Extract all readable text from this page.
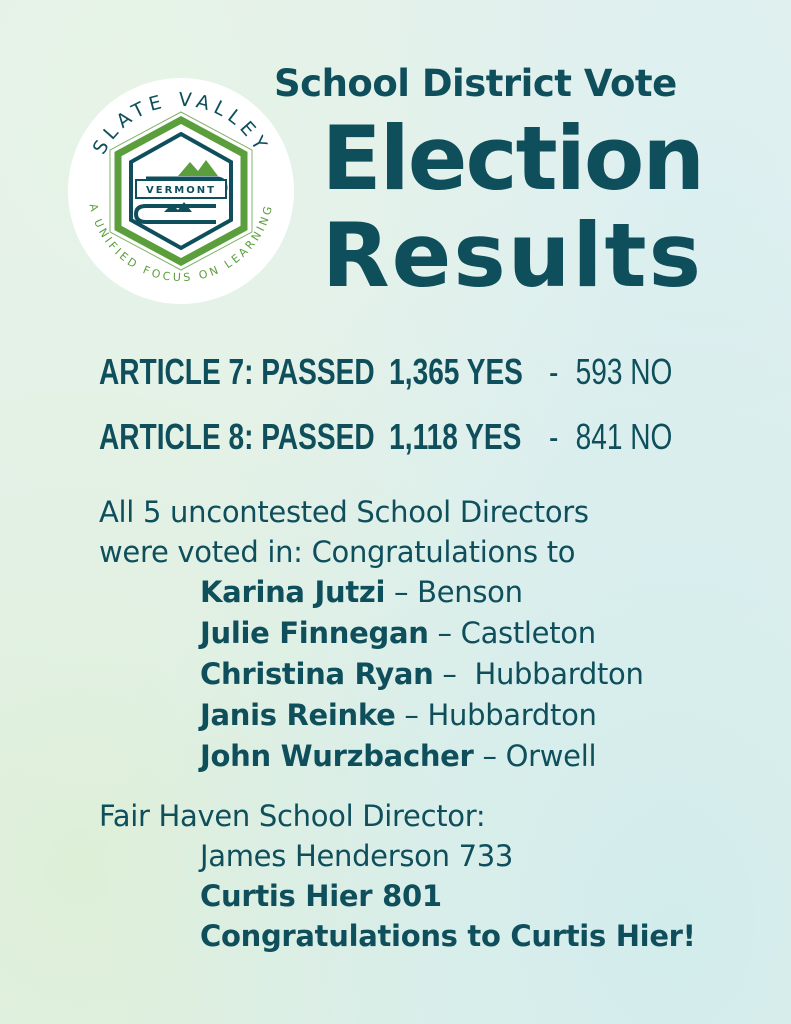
SLATE VALLEY
A UNIFIED FOCUS ON LEARNING
VERMONT
School District Vote
Election
Results
ARTICLE 7: PASSED 1,365 YES - 593 NO
ARTICLE 8: PASSED 1,118 YES - 841 NO
All 5 uncontested School Directors
were voted in: Congratulations to
Karina Jutzi – Benson
Julie Finnegan – Castleton
Christina Ryan –  Hubbardton
Janis Reinke – Hubbardton
John Wurzbacher – Orwell
Fair Haven School Director:
James Henderson 733
Curtis Hier 801
Congratulations to Curtis Hier!
